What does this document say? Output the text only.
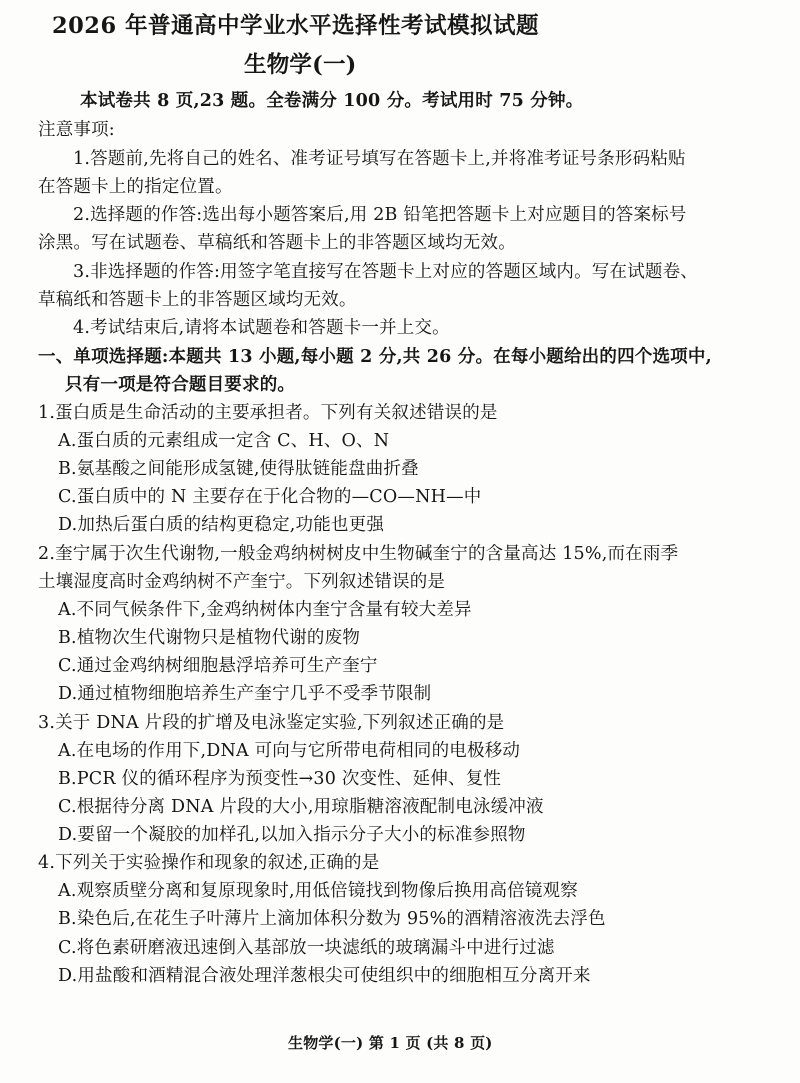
2026 年普通高中学业水平选择性考试模拟试题
生物学(一)
本试卷共 8 页,23 题。全卷满分 100 分。考试用时 75 分钟。
注意事项:
1.答题前,先将自己的姓名、准考证号填写在答题卡上,并将准考证号条形码粘贴
在答题卡上的指定位置。
2.选择题的作答:选出每小题答案后,用 2B 铅笔把答题卡上对应题目的答案标号
涂黑。写在试题卷、草稿纸和答题卡上的非答题区域均无效。
3.非选择题的作答:用签字笔直接写在答题卡上对应的答题区域内。写在试题卷、
草稿纸和答题卡上的非答题区域均无效。
4.考试结束后,请将本试题卷和答题卡一并上交。
一、单项选择题:本题共 13 小题,每小题 2 分,共 26 分。在每小题给出的四个选项中,
只有一项是符合题目要求的。
1.蛋白质是生命活动的主要承担者。下列有关叙述错误的是
A.蛋白质的元素组成一定含 C、H、O、N
B.氨基酸之间能形成氢键,使得肽链能盘曲折叠
C.蛋白质中的 N 主要存在于化合物的—CO—NH—中
D.加热后蛋白质的结构更稳定,功能也更强
2.奎宁属于次生代谢物,一般金鸡纳树树皮中生物碱奎宁的含量高达 15%,而在雨季
土壤湿度高时金鸡纳树不产奎宁。下列叙述错误的是
A.不同气候条件下,金鸡纳树体内奎宁含量有较大差异
B.植物次生代谢物只是植物代谢的废物
C.通过金鸡纳树细胞悬浮培养可生产奎宁
D.通过植物细胞培养生产奎宁几乎不受季节限制
3.关于 DNA 片段的扩增及电泳鉴定实验,下列叙述正确的是
A.在电场的作用下,DNA 可向与它所带电荷相同的电极移动
B.PCR 仪的循环程序为预变性→30 次变性、延伸、复性
C.根据待分离 DNA 片段的大小,用琼脂糖溶液配制电泳缓冲液
D.要留一个凝胶的加样孔,以加入指示分子大小的标准参照物
4.下列关于实验操作和现象的叙述,正确的是
A.观察质壁分离和复原现象时,用低倍镜找到物像后换用高倍镜观察
B.染色后,在花生子叶薄片上滴加体积分数为 95%的酒精溶液洗去浮色
C.将色素研磨液迅速倒入基部放一块滤纸的玻璃漏斗中进行过滤
D.用盐酸和酒精混合液处理洋葱根尖可使组织中的细胞相互分离开来
生物学(一) 第 1 页 (共 8 页)
